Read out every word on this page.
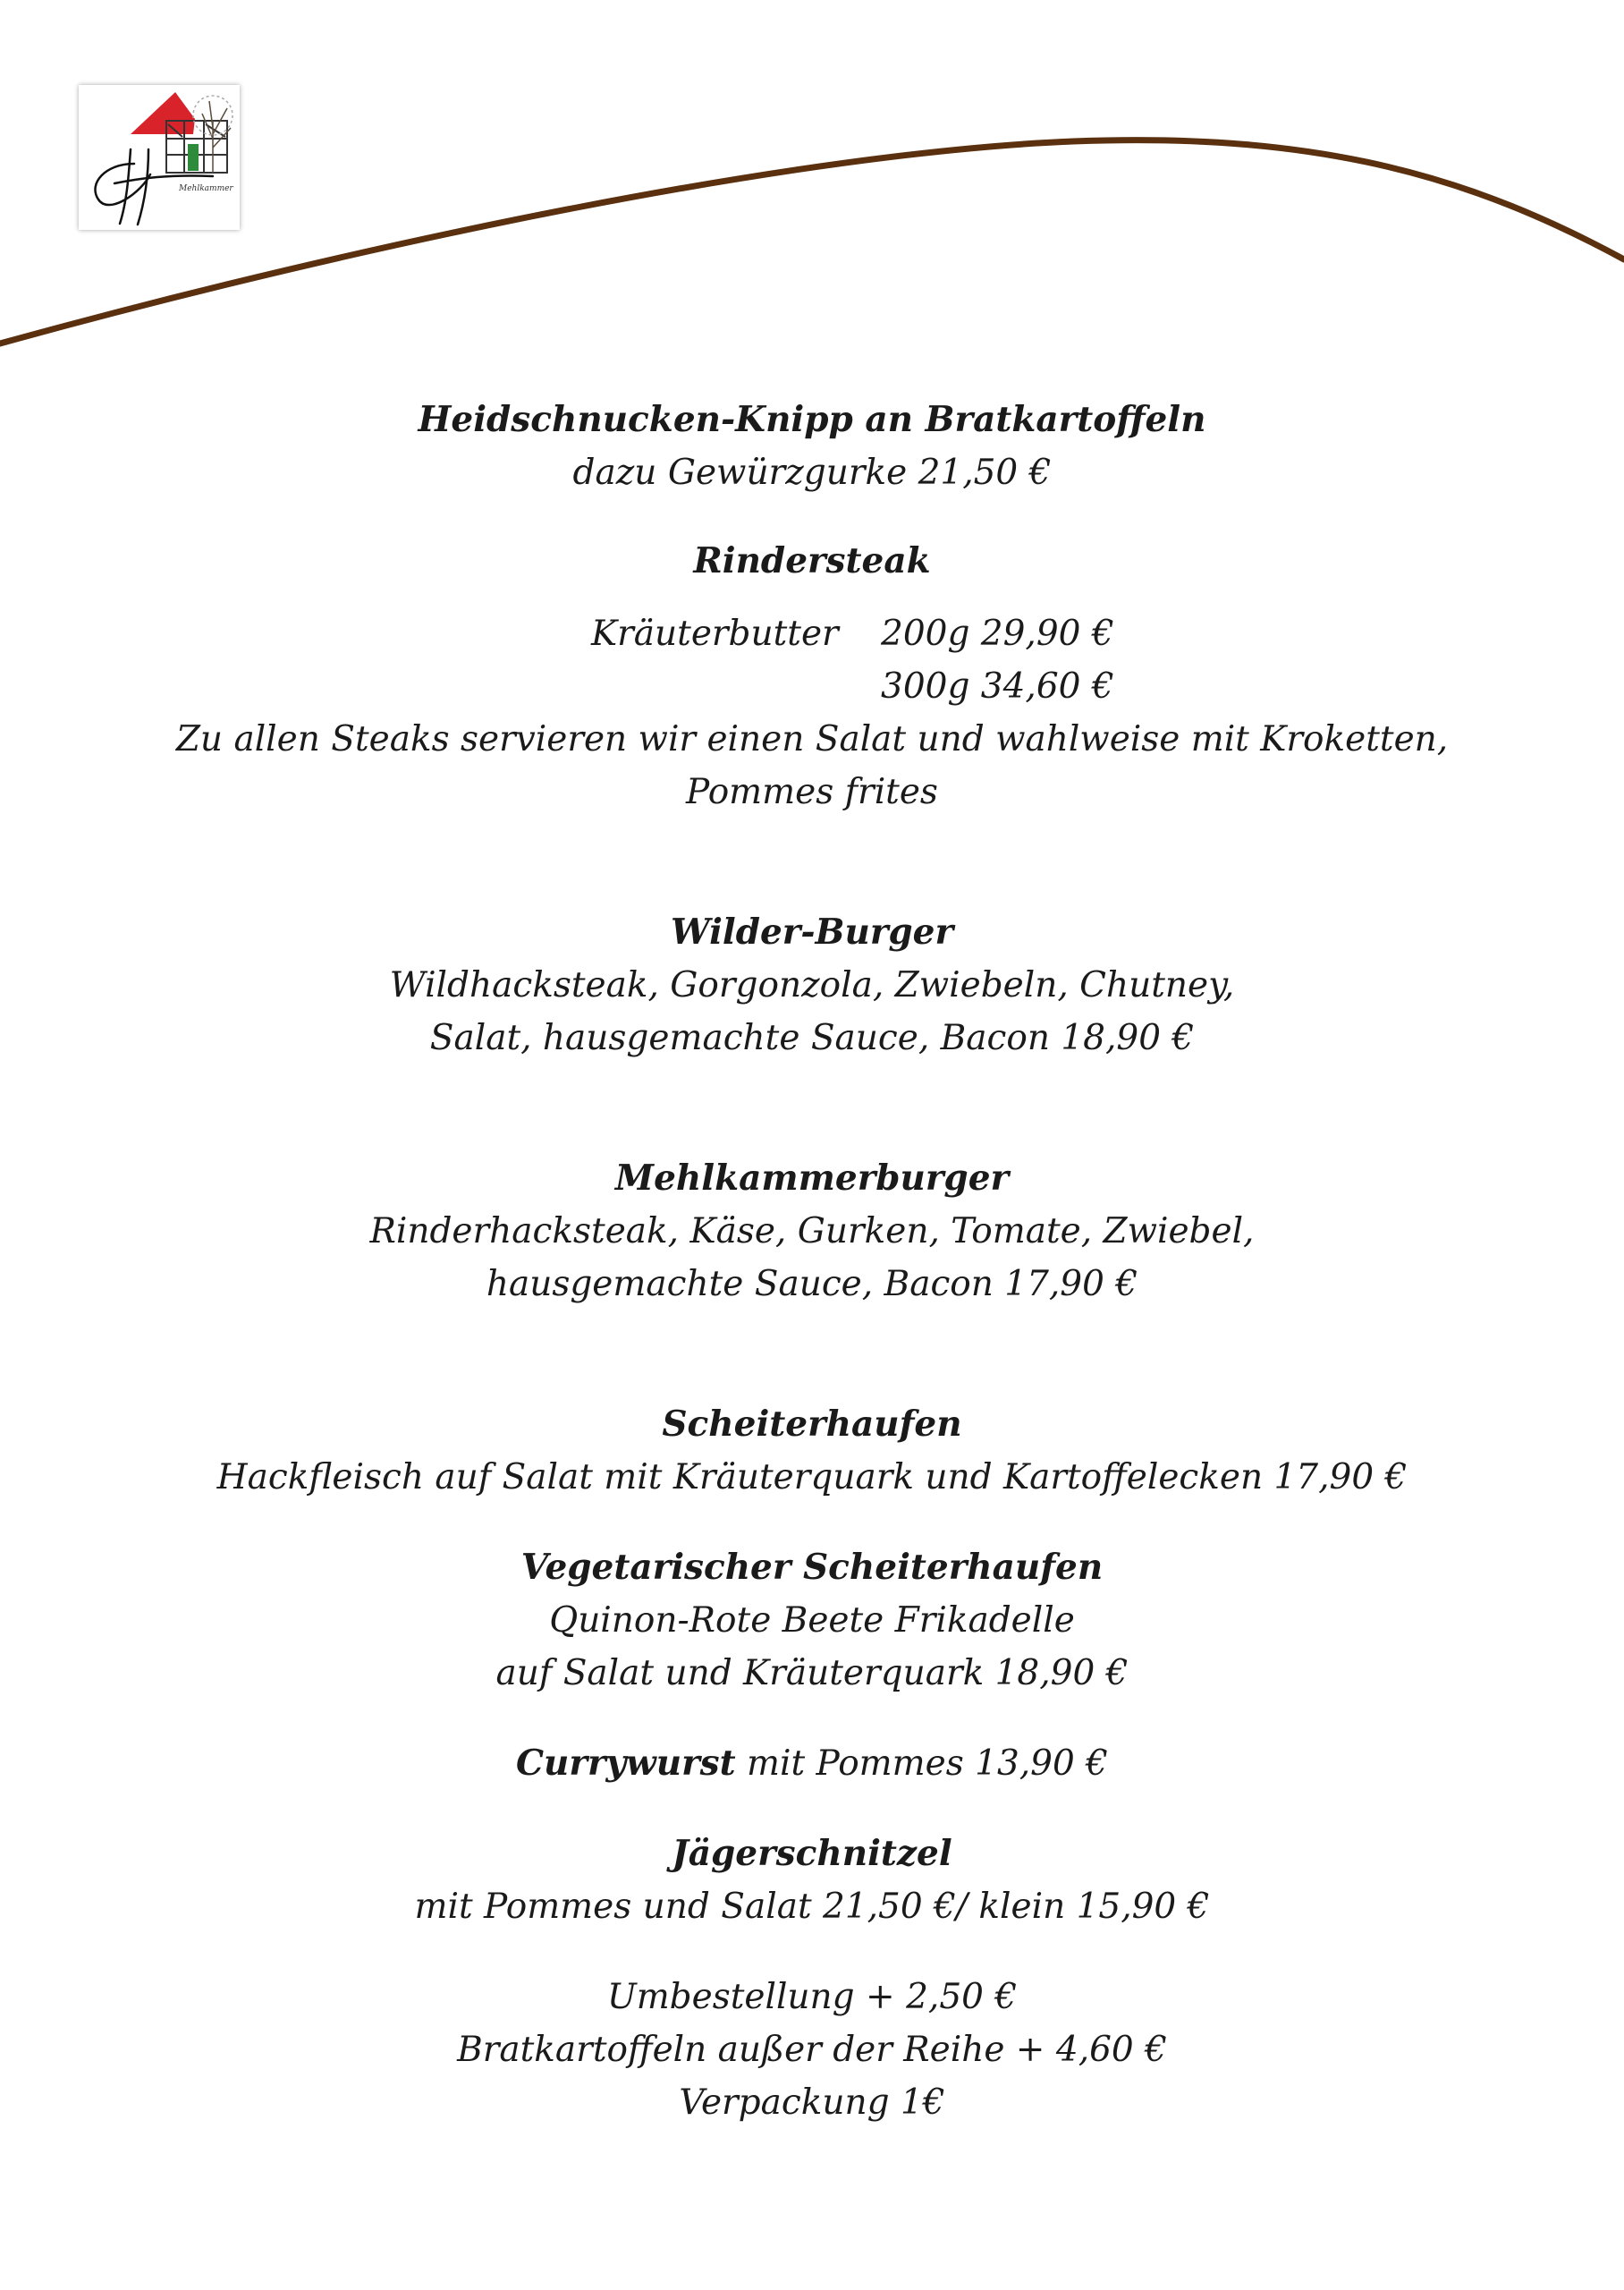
Mehlkammer
Heidschnucken-Knipp an Bratkartoffeln
dazu Gewürzgurke 21,50 €
Rindersteak
Kräuterbutter 200g 29,90 €
300g 34,60 €
Zu allen Steaks servieren wir einen Salat und wahlweise mit Kroketten,
Pommes frites
Wilder-Burger
Wildhacksteak, Gorgonzola, Zwiebeln, Chutney,
Salat, hausgemachte Sauce, Bacon 18,90 €
Mehlkammerburger
Rinderhacksteak, Käse, Gurken, Tomate, Zwiebel,
hausgemachte Sauce, Bacon 17,90 €
Scheiterhaufen
Hackfleisch auf Salat mit Kräuterquark und Kartoffelecken 17,90 €
Vegetarischer Scheiterhaufen
Quinon-Rote Beete Frikadelle
auf Salat und Kräuterquark 18,90 €
Currywurst mit Pommes 13,90 €
Jägerschnitzel
mit Pommes und Salat 21,50 €/ klein 15,90 €
Umbestellung + 2,50 €
Bratkartoffeln außer der Reihe + 4,60 €
Verpackung 1€
